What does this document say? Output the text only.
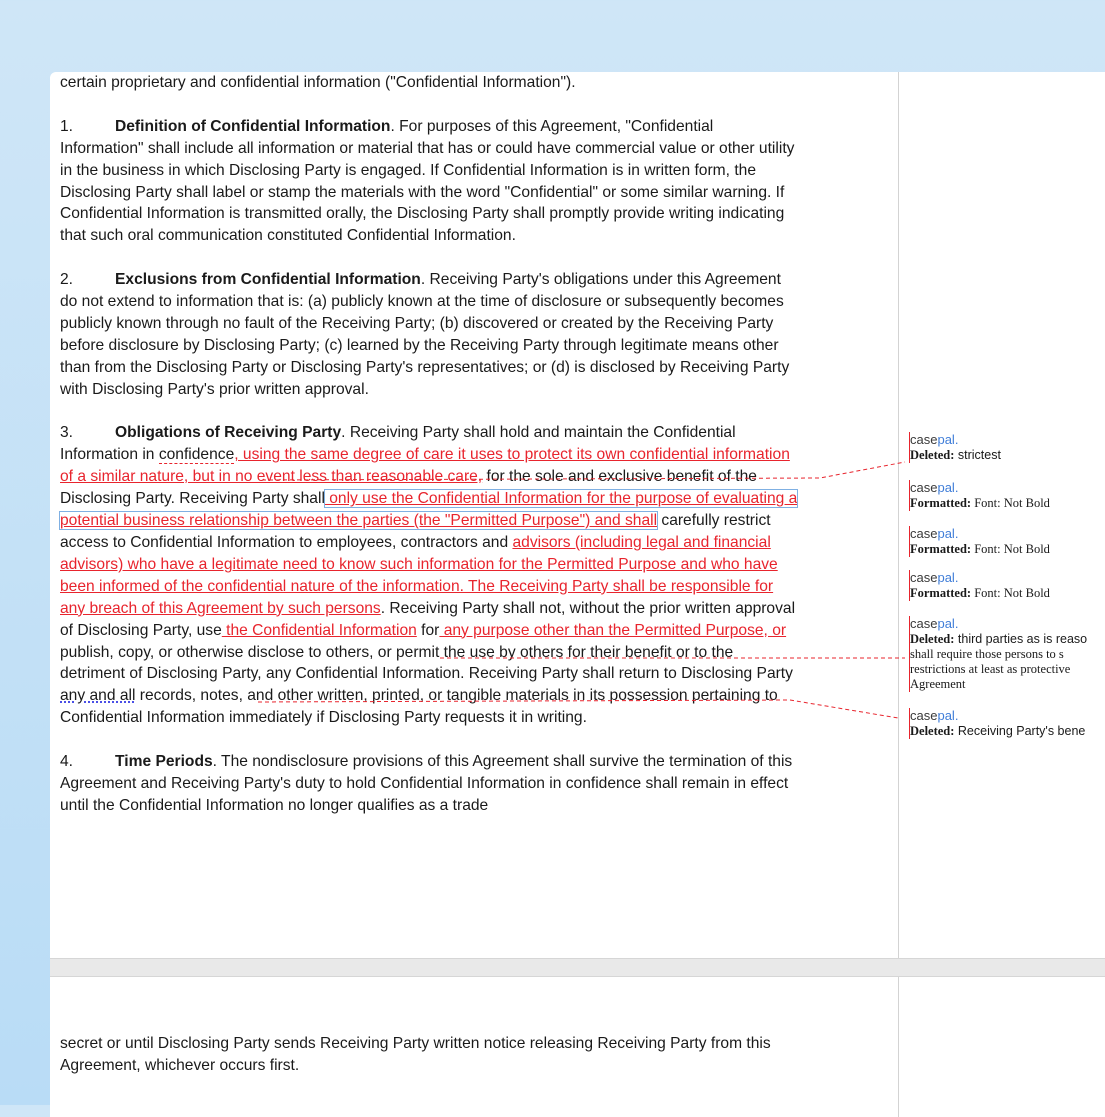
certain proprietary and confidential information ("Confidential Information").

1.	Definition of Confidential Information. For purposes of this Agreement, "Confidential Information" shall include all information or material that has or could have commercial value or other utility in the business in which Disclosing Party is engaged. If Confidential Information is in written form, the Disclosing Party shall label or stamp the materials with the word "Confidential" or some similar warning. If Confidential Information is transmitted orally, the Disclosing Party shall promptly provide writing indicating that such oral communication constituted Confidential Information.

2.	Exclusions from Confidential Information. Receiving Party's obligations under this Agreement do not extend to information that is: (a) publicly known at the time of disclosure or subsequently becomes publicly known through no fault of the Receiving Party; (b) discovered or created by the Receiving Party before disclosure by Disclosing Party; (c) learned by the Receiving Party through legitimate means other than from the Disclosing Party or Disclosing Party's representatives; or (d) is disclosed by Receiving Party with Disclosing Party's prior written approval.

3.	Obligations of Receiving Party. Receiving Party shall hold and maintain the Confidential Information in confidence, using the same degree of care it uses to protect its own confidential information of a similar nature, but in no event less than reasonable care, for the sole and exclusive benefit of the Disclosing Party. Receiving Party shall only use the Confidential Information for the purpose of evaluating a potential business relationship between the parties (the "Permitted Purpose") and shall carefully restrict access to Confidential Information to employees, contractors and advisors (including legal and financial advisors) who have a legitimate need to know such information for the Permitted Purpose and who have been informed of the confidential nature of the information. The Receiving Party shall be responsible for any breach of this Agreement by such persons. Receiving Party shall not, without the prior written approval of Disclosing Party, use the Confidential Information for any purpose other than the Permitted Purpose, or publish, copy, or otherwise disclose to others, or permit the use by others for their benefit or to the detriment of Disclosing Party, any Confidential Information. Receiving Party shall return to Disclosing Party any and all records, notes, and other written, printed, or tangible materials in its possession pertaining to Confidential Information immediately if Disclosing Party requests it in writing.

4.	Time Periods. The nondisclosure provisions of this Agreement shall survive the termination of this Agreement and Receiving Party's duty to hold Confidential Information in confidence shall remain in effect until the Confidential Information no longer qualifies as a trade

casepal.
Deleted: strictest
casepal.
Formatted: Font: Not Bold
casepal.
Formatted: Font: Not Bold
casepal.
Formatted: Font: Not Bold
casepal.
Deleted: third parties as is reaso
shall require those persons to s
restrictions at least as protective
Agreement
casepal.
Deleted: Receiving Party's bene

secret or until Disclosing Party sends Receiving Party written notice releasing Receiving Party from this Agreement, whichever occurs first.
